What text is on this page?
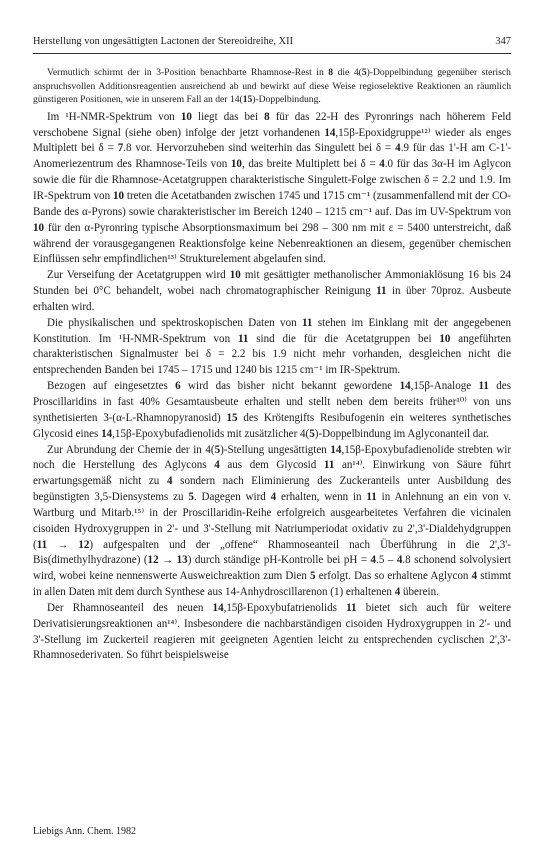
Herstellung von ungesättigten Lactonen der Stereoidreihe, XII	347

Vermutlich schirmt der in 3-Position benachbarte Rhamnose-Rest in 8 die 4(5)-Doppelbindung gegenüber sterisch anspruchsvollen Additionsreagentien ausreichend ab und bewirkt auf diese Weise regioselektive Reaktionen an räumlich günstigeren Positionen, wie in unserem Fall an der 14(15)-Doppelbindung.

Im ¹H-NMR-Spektrum von 10 liegt das bei 8 für das 22-H des Pyronrings nach höherem Feld verschobene Signal (siehe oben) infolge der jetzt vorhandenen 14,15β-Epoxidgruppe¹²⁾ wieder als enges Multiplett bei δ = 7.8 vor. Hervorzuheben sind weiterhin das Singulett bei δ = 4.9 für das 1'-H am C-1'-Anomeriezentrum des Rhamnose-Teils von 10, das breite Multiplett bei δ = 4.0 für das 3α-H im Aglycon sowie die für die Rhamnose-Acetatgruppen charakteristische Singulett-Folge zwischen δ = 2.2 und 1.9. Im IR-Spektrum von 10 treten die Acetatbanden zwischen 1745 und 1715 cm⁻¹ (zusammenfallend mit der CO-Bande des α-Pyrons) sowie charakteristischer im Bereich 1240 – 1215 cm⁻¹ auf. Das im UV-Spektrum von 10 für den α-Pyronring typische Absorptionsmaximum bei 298 – 300 nm mit ε = 5400 unterstreicht, daß während der vorausgegangenen Reaktionsfolge keine Nebenreaktionen an diesem, gegenüber chemischen Einflüssen sehr empfindlichen¹³⁾ Strukturelement abgelaufen sind.

Zur Verseifung der Acetatgruppen wird 10 mit gesättigter methanolischer Ammoniaklösung 16 bis 24 Stunden bei 0°C behandelt, wobei nach chromatographischer Reinigung 11 in über 70proz. Ausbeute erhalten wird.

Die physikalischen und spektroskopischen Daten von 11 stehen im Einklang mit der angegebenen Konstitution. Im ¹H-NMR-Spektrum von 11 sind die für die Acetatgruppen bei 10 angeführten charakteristischen Signalmuster bei δ = 2.2 bis 1.9 nicht mehr vorhanden, desgleichen nicht die entsprechenden Banden bei 1745 – 1715 und 1240 bis 1215 cm⁻¹ im IR-Spektrum.

Bezogen auf eingesetztes 6 wird das bisher nicht bekannt gewordene 14,15β-Analoge 11 des Proscillaridins in fast 40% Gesamtausbeute erhalten und stellt neben dem bereits früher¹⁰⁾ von uns synthetisierten 3-(α-L-Rhamnopyranosid) 15 des Krötengifts Resibufogenin ein weiteres synthetisches Glycosid eines 14,15β-Epoxybufadienolids mit zusätzlicher 4(5)-Doppelbindung im Aglyconanteil dar.

Zur Abrundung der Chemie der in 4(5)-Stellung ungesättigten 14,15β-Epoxybufadienolide strebten wir noch die Herstellung des Aglycons 4 aus dem Glycosid 11 an¹⁴⁾. Einwirkung von Säure führt erwartungsgemäß nicht zu 4 sondern nach Eliminierung des Zuckeranteils unter Ausbildung des begünstigten 3,5-Diensystems zu 5. Dagegen wird 4 erhalten, wenn in 11 in Anlehnung an ein von v. Wartburg und Mitarb.¹⁵⁾ in der Proscillaridin-Reihe erfolgreich ausgearbeitetes Verfahren die vicinalen cisoiden Hydroxygruppen in 2'- und 3'-Stellung mit Natriumperiodat oxidativ zu 2',3'-Dialdehydgruppen (11 → 12) aufgespalten und der „offene“ Rhamnoseanteil nach Überführung in die 2',3'-Bis(dimethylhydrazone) (12 → 13) durch ständige pH-Kontrolle bei pH = 4.5 – 4.8 schonend solvolysiert wird, wobei keine nennenswerte Ausweichreaktion zum Dien 5 erfolgt. Das so erhaltene Aglycon 4 stimmt in allen Daten mit dem durch Synthese aus 14-Anhydroscillarenon (1) erhaltenen 4 überein.

Der Rhamnoseanteil des neuen 14,15β-Epoxybufatrienolids 11 bietet sich auch für weitere Derivatisierungsreaktionen an¹⁴⁾. Insbesondere die nachbarständigen cisoiden Hydroxygruppen in 2'- und 3'-Stellung im Zuckerteil reagieren mit geeigneten Agentien leicht zu entsprechenden cyclischen 2',3'-Rhamnosederivaten. So führt beispielsweise

Liebigs Ann. Chem. 1982
